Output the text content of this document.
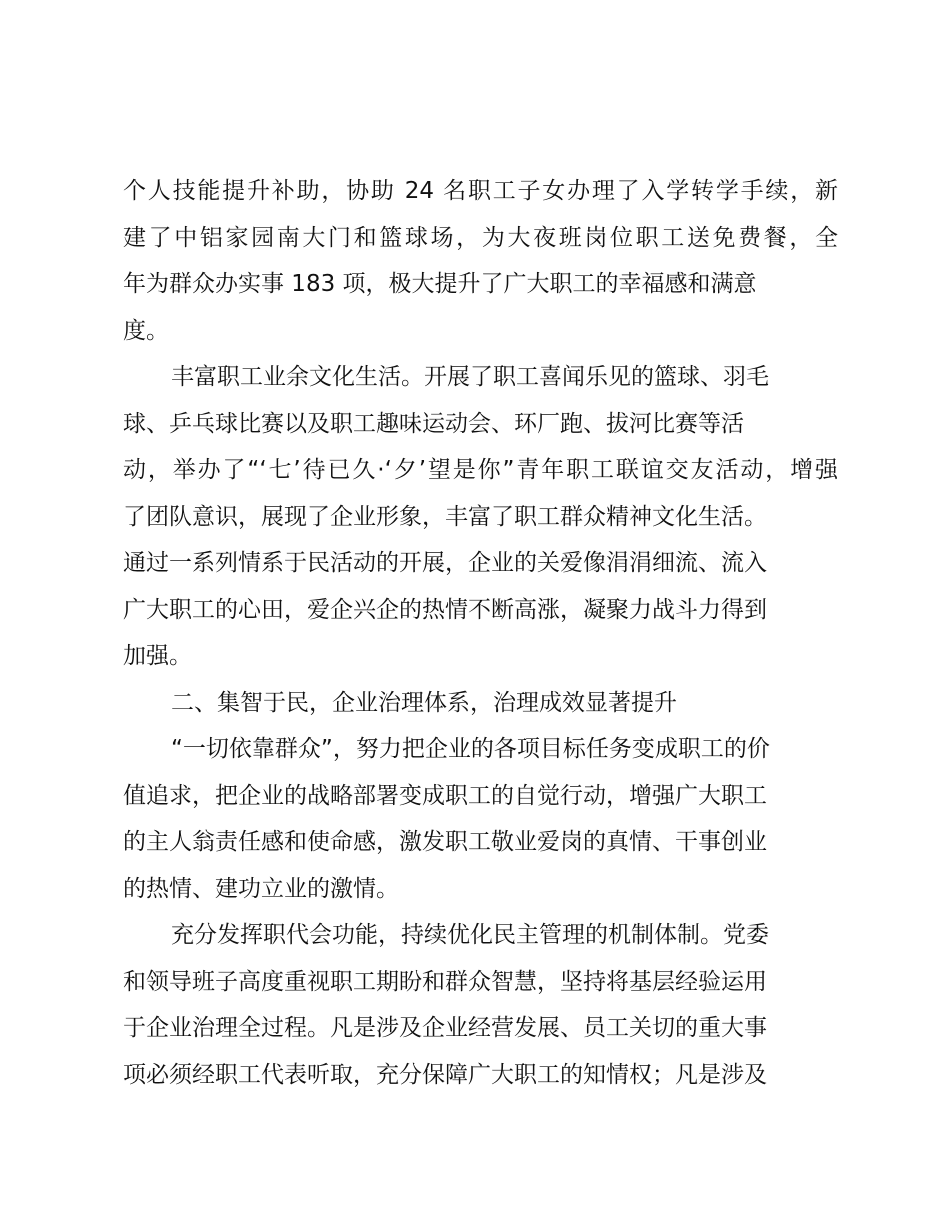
个人技能提升补助，协助 24 名职工子女办理了入学转学手续，新
建了中铝家园南大门和篮球场，为大夜班岗位职工送免费餐，全
年为群众办实事 183 项，极大提升了广大职工的幸福感和满意
度。
丰富职工业余文化生活。开展了职工喜闻乐见的篮球、羽毛
球、乒乓球比赛以及职工趣味运动会、环厂跑、拔河比赛等活
动，举办了“‘七’待已久·‘夕’望是你”青年职工联谊交友活动，增强
了团队意识，展现了企业形象，丰富了职工群众精神文化生活。
通过一系列情系于民活动的开展，企业的关爱像涓涓细流、流入
广大职工的心田，爱企兴企的热情不断高涨，凝聚力战斗力得到
加强。
二、集智于民，企业治理体系，治理成效显著提升
“一切依靠群众”，努力把企业的各项目标任务变成职工的价
值追求，把企业的战略部署变成职工的自觉行动，增强广大职工
的主人翁责任感和使命感，激发职工敬业爱岗的真情、干事创业
的热情、建功立业的激情。
充分发挥职代会功能，持续优化民主管理的机制体制。党委
和领导班子高度重视职工期盼和群众智慧，坚持将基层经验运用
于企业治理全过程。凡是涉及企业经营发展、员工关切的重大事
项必须经职工代表听取，充分保障广大职工的知情权；凡是涉及
